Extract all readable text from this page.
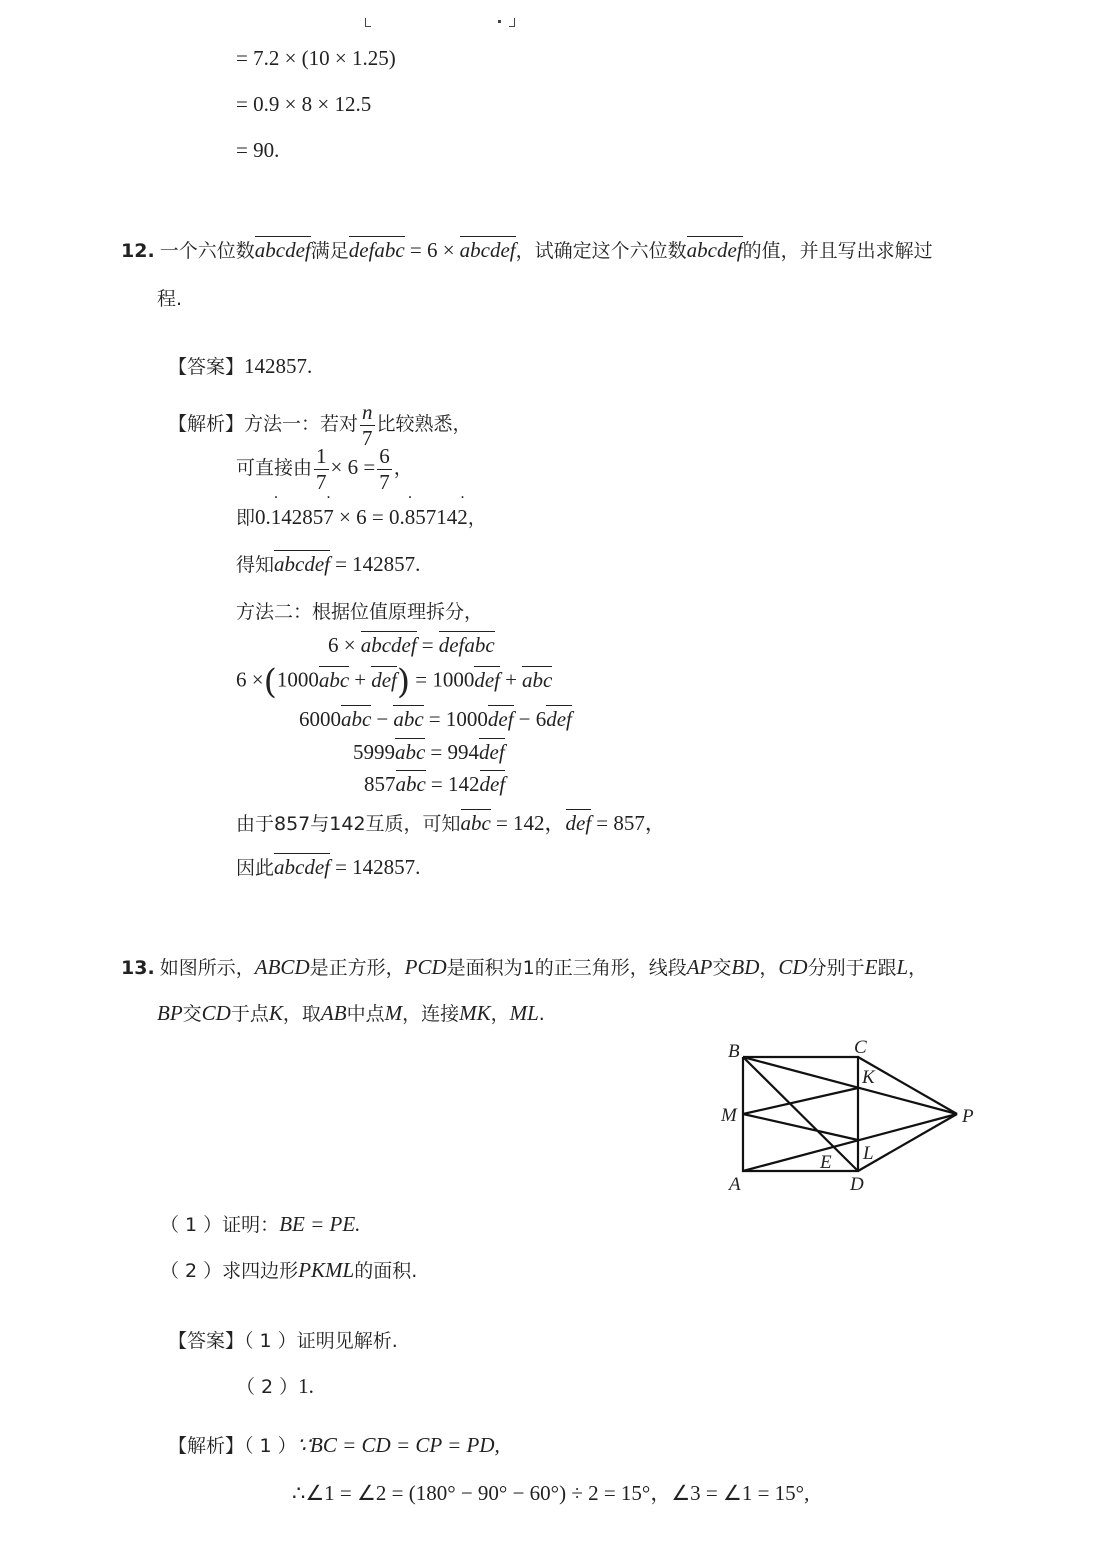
= 7.2 × (10 × 1.25)
= 0.9 × 8 × 12.5
= 90.
12. 一个六位数abcdef满足defabc = 6 × abcdef，试确定这个六位数abcdef的值，并且写出求解过
程.
【答案】142857.
【解析】方法一：若对 $\frac{n}{7}$ 比较熟悉，
可直接由 $\frac{1}{7} \times 6 = \frac{6}{7}$ ，
即0.1 ˙42857 ˙ × 6 = 0.8 ˙57142 ˙，
得知abcdef = 142857.
方法二：根据位值原理拆分，
6 × abcdef = defabc
6 ×(1000abc + def) = 1000def + abc
6000abc − abc = 1000def − 6def
5999abc = 994def
857abc = 142def
由于857与142互质，可知abc = 142，def = 857，
因此abcdef = 142857.
13. 如图所示，ABCD是正方形，PCD是面积为1的正三角形，线段AP交BD，CD分别于E跟L，
BP交CD于点K，取AB中点M，连接MK，ML.
B	C
K
M	P
E L
A	D
（ 1 ）证明：BE = PE.
（ 2 ）求四边形PKML的面积.
【答案】（ 1 ）证明见解析.
（ 2 ）1.
【解析】（ 1 ）∵BC = CD = CP = PD,
∴∠1 = ∠2 = (180° − 90° − 60°) ÷ 2 = 15°，∠3 = ∠1 = 15°,
